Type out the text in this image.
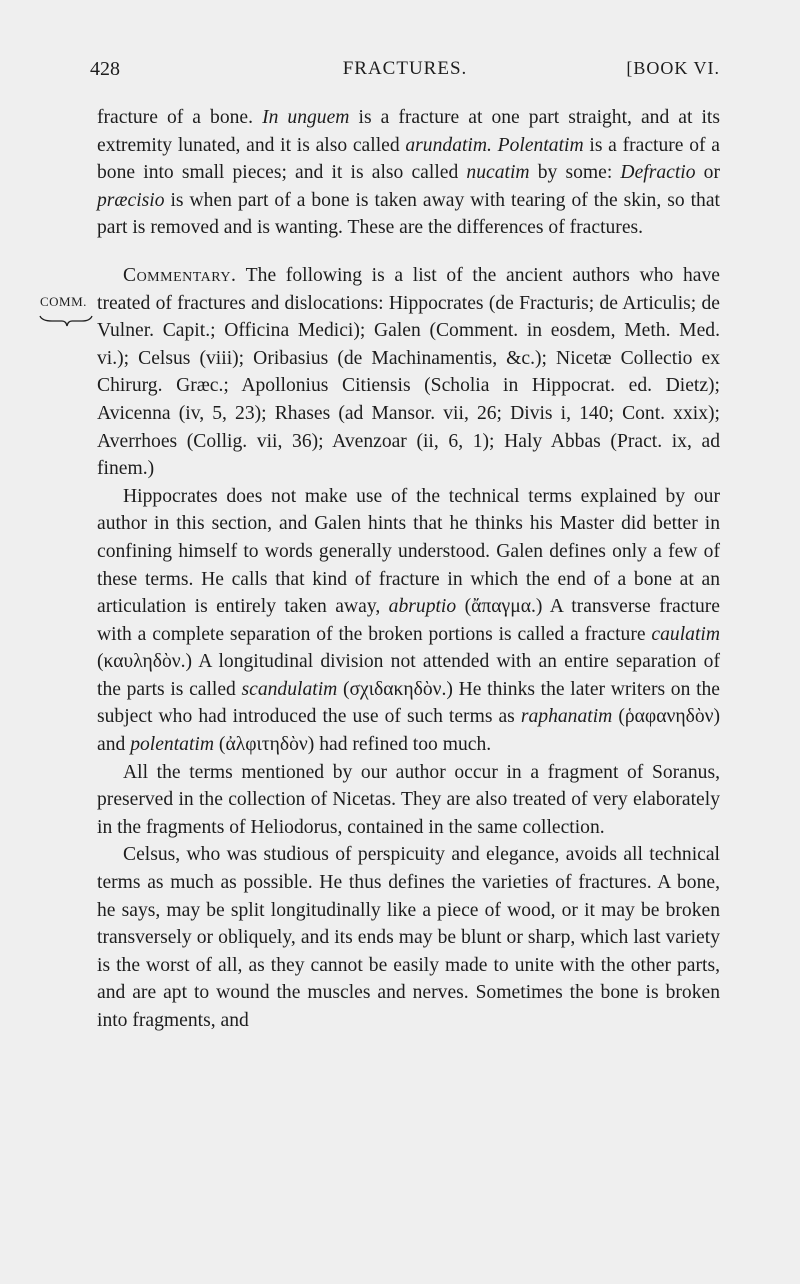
FRACTURES.
428	[BOOK VI.
COMM.

fracture of a bone. In unguem is a fracture at one part straight, and at its extremity lunated, and it is also called arundatim. Polentatim is a fracture of a bone into small pieces; and it is also called nucatim by some: Defractio or præcisio is when part of a bone is taken away with tearing of the skin, so that part is removed and is wanting. These are the differences of fractures.

Commentary. The following is a list of the ancient authors who have treated of fractures and dislocations: Hippocrates (de Fracturis; de Articulis; de Vulner. Capit.; Officina Medici); Galen (Comment. in eosdem, Meth. Med. vi.); Celsus (viii); Oribasius (de Machinamentis, &c.); Nicetæ Collectio ex Chirurg. Græc.; Apollonius Citiensis (Scholia in Hippocrat. ed. Dietz); Avicenna (iv, 5, 23); Rhases (ad Mansor. vii, 26; Divis i, 140; Cont. xxix); Averrhoes (Collig. vii, 36); Avenzoar (ii, 6, 1); Haly Abbas (Pract. ix, ad finem.)

Hippocrates does not make use of the technical terms explained by our author in this section, and Galen hints that he thinks his Master did better in confining himself to words generally understood. Galen defines only a few of these terms. He calls that kind of fracture in which the end of a bone at an articulation is entirely taken away, abruptio (ἄπαγμα.) A transverse fracture with a complete separation of the broken portions is called a fracture caulatim (καυληδὸν.) A longitudinal division not attended with an entire separation of the parts is called scandulatim (σχιδακηδὸν.) He thinks the later writers on the subject who had introduced the use of such terms as raphanatim (ῥαφανηδὸν) and polentatim (ἀλφιτηδὸν) had refined too much.

All the terms mentioned by our author occur in a fragment of Soranus, preserved in the collection of Nicetas. They are also treated of very elaborately in the fragments of Heliodorus, contained in the same collection.

Celsus, who was studious of perspicuity and elegance, avoids all technical terms as much as possible. He thus defines the varieties of fractures. A bone, he says, may be split longitudinally like a piece of wood, or it may be broken transversely or obliquely, and its ends may be blunt or sharp, which last variety is the worst of all, as they cannot be easily made to unite with the other parts, and are apt to wound the muscles and nerves. Sometimes the bone is broken into fragments, and
